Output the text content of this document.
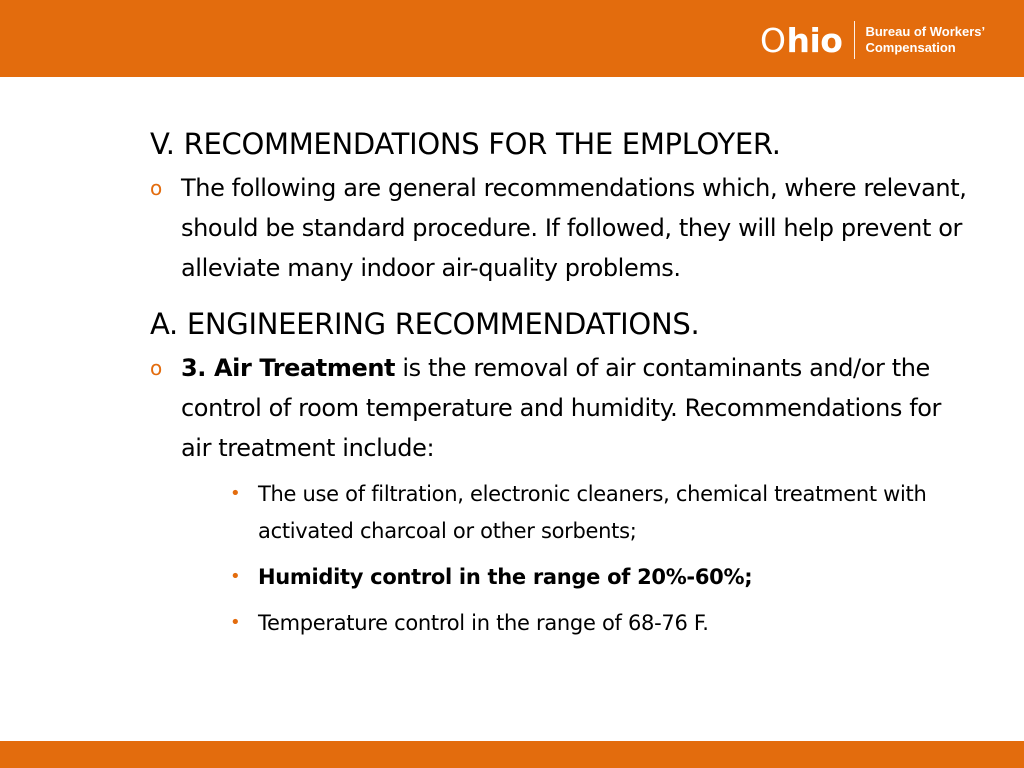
O hio Bureau of Workers’
Compensation
V. RECOMMENDATIONS FOR THE EMPLOYER.
o The following are general recommendations which, where relevant, should be standard procedure. If followed, they will help prevent or alleviate many indoor air-quality problems.
A. ENGINEERING RECOMMENDATIONS.
o 3. Air Treatment is the removal of air contaminants and/or the control of room temperature and humidity. Recommendations for air treatment include:
• The use of filtration, electronic cleaners, chemical treatment with activated charcoal or other sorbents;
• Humidity control in the range of 20%-60%;
• Temperature control in the range of 68-76 F.
